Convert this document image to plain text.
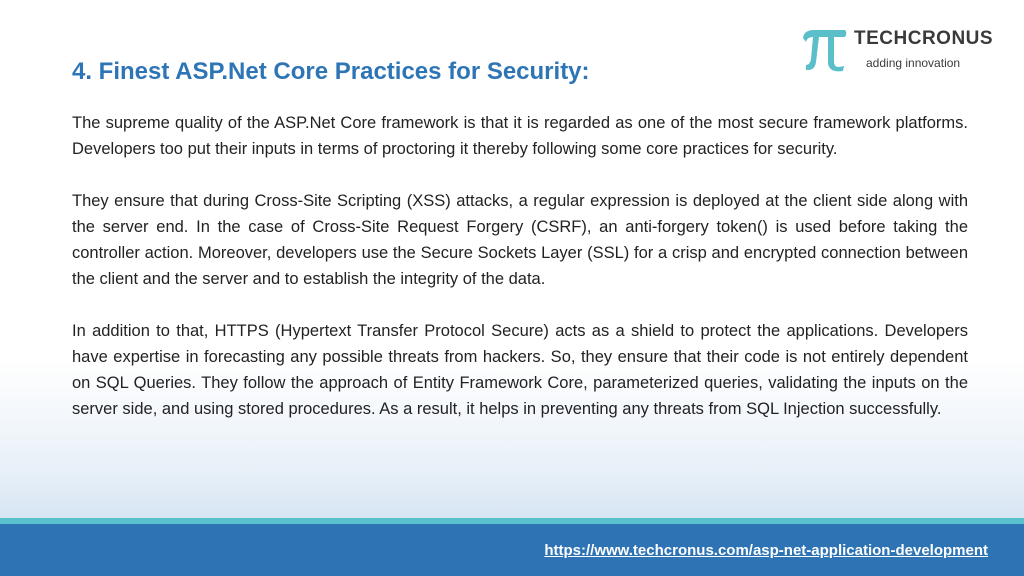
TECHCRONUS
adding innovation
4. Finest ASP.Net Core Practices for Security:

The supreme quality of the ASP.Net Core framework is that it is regarded as one of the most secure framework platforms. Developers too put their inputs in terms of proctoring it thereby following some core practices for security.

They ensure that during Cross-Site Scripting (XSS) attacks, a regular expression is deployed at the client side along with the server end. In the case of Cross-Site Request Forgery (CSRF), an anti-forgery token() is used before taking the controller action. Moreover, developers use the Secure Sockets Layer (SSL) for a crisp and encrypted connection between the client and the server and to establish the integrity of the data.

In addition to that, HTTPS (Hypertext Transfer Protocol Secure) acts as a shield to protect the applications. Developers have expertise in forecasting any possible threats from hackers. So, they ensure that their code is not entirely dependent on SQL Queries. They follow the approach of Entity Framework Core, parameterized queries, validating the inputs on the server side, and using stored procedures. As a result, it helps in preventing any threats from SQL Injection successfully.

https://www.techcronus.com/asp-net-application-development
